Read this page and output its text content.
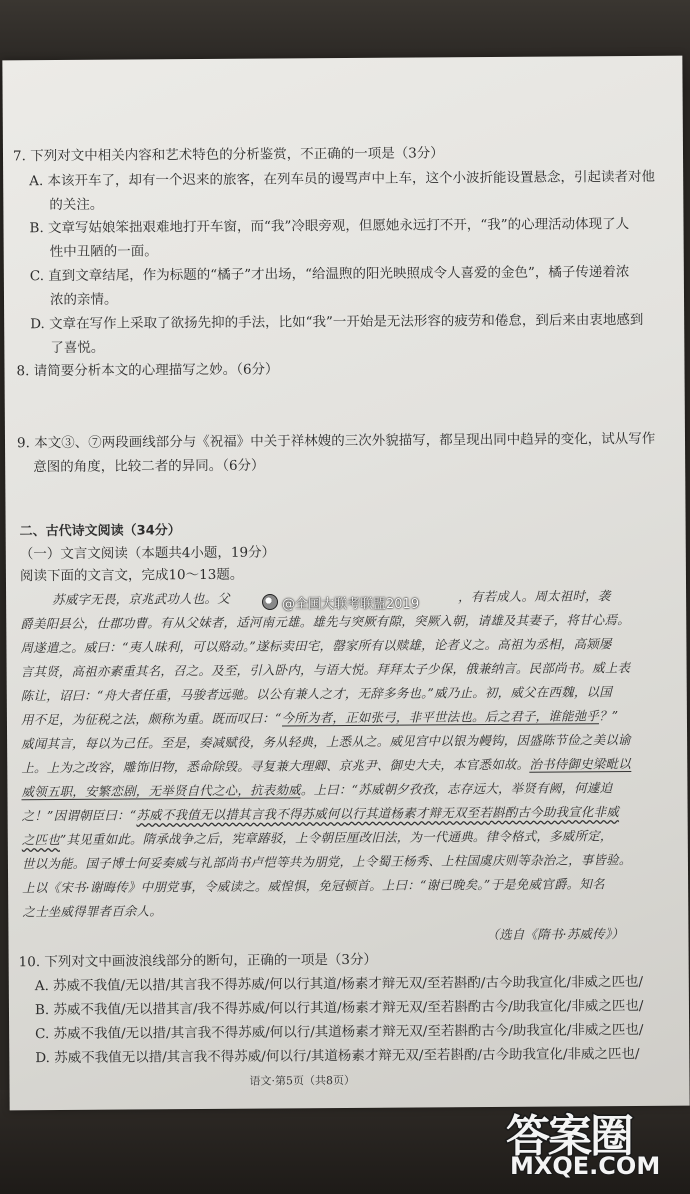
7. 下列对文中相关内容和艺术特色的分析鉴赏，不正确的一项是（3分）
A. 本该开车了，却有一个迟来的旅客，在列车员的谩骂声中上车，这个小波折能设置悬念，引起读者对他
的关注。
B. 文章写姑娘笨拙艰难地打开车窗，而“我”冷眼旁观，但愿她永远打不开，“我”的心理活动体现了人
性中丑陋的一面。
C. 直到文章结尾，作为标题的“橘子”才出场，“给温煦的阳光映照成令人喜爱的金色”，橘子传递着浓
浓的亲情。
D. 文章在写作上采取了欲扬先抑的手法，比如“我”一开始是无法形容的疲劳和倦怠，到后来由衷地感到
了喜悦。
8. 请简要分析本文的心理描写之妙。（6分）
9. 本文③、⑦两段画线部分与《祝福》中关于祥林嫂的三次外貌描写，都呈现出同中趋异的变化，试从写作
意图的角度，比较二者的异同。（6分）
二、古代诗文阅读（34分）
（一）文言文阅读（本题共4小题，19分）
阅读下面的文言文，完成10～13题。
苏威字无畏，京兆武功人也。父	，有若成人。周太祖时，袭
爵美阳县公，仕郡功曹。有从父妹者，适河南元雄。雄先与突厥有隙，突厥入朝，请雄及其妻子，将甘心焉。
周遂遣之。威曰：“夷人昧利，可以赂动。”遂标卖田宅，罄家所有以赎雄，论者义之。高祖为丞相，高颎屡
言其贤，高祖亦素重其名，召之。及至，引入卧内，与语大悦。拜拜太子少保，俄兼纳言。民部尚书。威上表
陈让，诏曰：“舟大者任重，马骏者远驰。以公有兼人之才，无辞多务也。”威乃止。初，威父在西魏，以国
用不足，为征税之法，颇称为重。既而叹曰：“今所为者，正如张弓，非平世法也。后之君子，谁能弛乎？”
威闻其言，每以为己任。至是，奏减赋役，务从轻典，上悉从之。威见宫中以银为幔钩，因盛陈节俭之美以谕
上。上为之改容，雕饰旧物，悉命除毁。寻复兼大理卿、京兆尹、御史大夫，本官悉如故。治书侍御史梁毗以
威领五职，安繁恋剧，无举贤自代之心，抗表劾威。上曰：“苏威朝夕孜孜，志存远大，举贤有阙，何遽迫
之！”因谓朝臣曰：“苏威不我值无以措其言我不得苏威何以行其道杨素才辩无双至若斟酌古今助我宣化非威
之匹也”其见重如此。隋承战争之后，宪章踳驳，上令朝臣厘改旧法，为一代通典。律令格式，多威所定，
世以为能。国子博士何妥奏威与礼部尚书卢恺等共为朋党，上令蜀王杨秀、上柱国虞庆则等杂治之，事皆验。
上以《宋书·谢晦传》中朋党事，令威读之。威惶惧，免冠顿首。上曰：“谢已晚矣。”于是免威官爵。知名
之士坐威得罪者百余人。
（选自《隋书·苏威传》）
10. 下列对文中画波浪线部分的断句，正确的一项是（3分）
A. 苏威不我值/无以措/其言我不得苏威/何以行其道/杨素才辩无双/至若斟酌/古今助我宣化/非威之匹也/
B. 苏威不我值/无以措其言/我不得苏威/何以行其道/杨素才辩无双/至若斟酌古今/助我宣化/非威之匹也/
C. 苏威不我值/无以措/其言我不得苏威/何以行/其道杨素才辩无双/至若斟酌古今/助我宣化/非威之匹也/
D. 苏威不我值无以措/其言我不得苏威/何以行/其道杨素才辩无双/至若斟酌/古今助我宣化/非威之匹也/
语文·第5页（共8页）
@全国大联考联盟2019
答案圈
MXQE.COM
